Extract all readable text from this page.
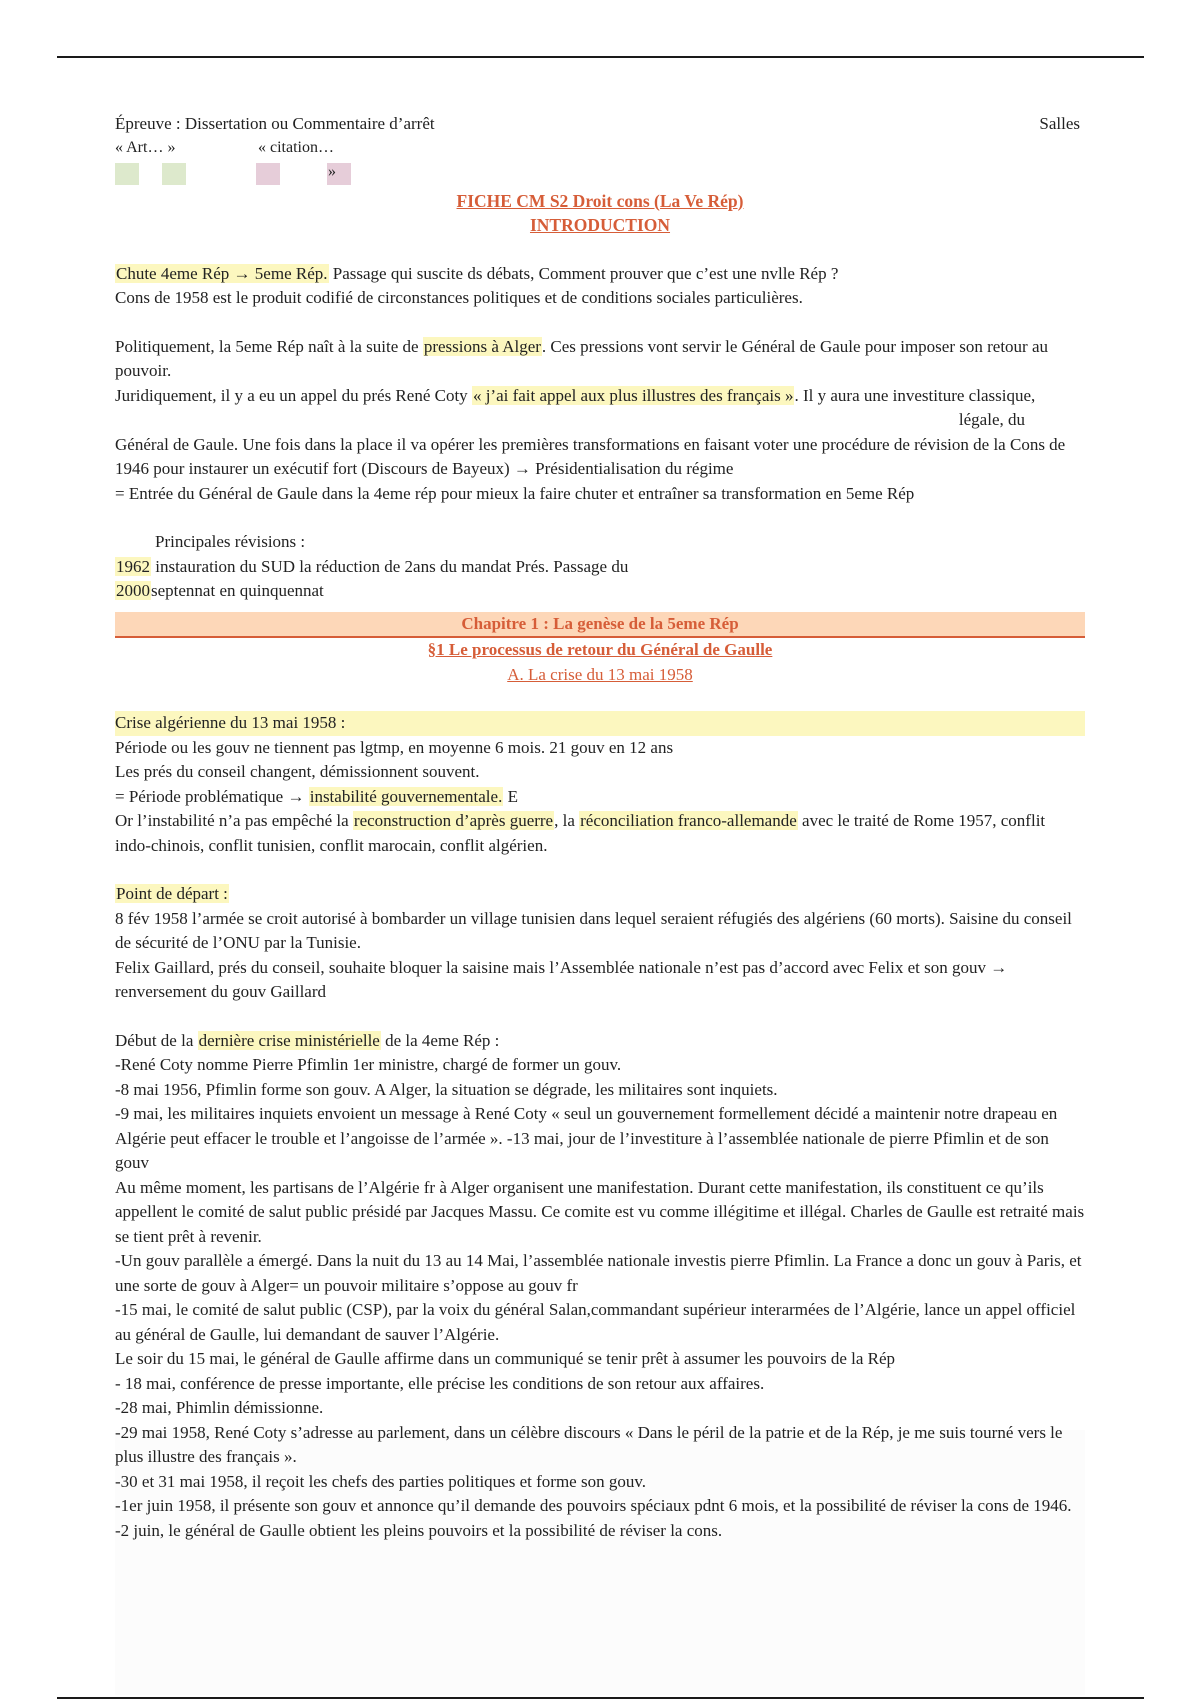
Épreuve : Dissertation ou Commentaire d’arrêt	Salles
« Art… »	« citation…
»
FICHE CM S2 Droit cons (La Ve Rép)
INTRODUCTION

Chute 4eme Rép → 5eme Rép. Passage qui suscite ds débats, Comment prouver que c’est une nvlle Rép ?

Cons de 1958 est le produit codifié de circonstances politiques et de conditions sociales particulières.

Politiquement, la 5eme Rép naît à la suite de pressions à Alger. Ces pressions vont servir le Général de Gaule pour imposer son retour au pouvoir.

Juridiquement, il y a eu un appel du prés René Coty « j’ai fait appel aux plus illustres des français ». Il y aura une investiture classique,

légale, du

Général de Gaule. Une fois dans la place il va opérer les premières transformations en faisant voter une procédure de révision de la Cons de 1946 pour instaurer un exécutif fort (Discours de Bayeux) → Présidentialisation du régime

= Entrée du Général de Gaule dans la 4eme rép pour mieux la faire chuter et entraîner sa transformation en 5eme Rép

Principales révisions :

1962 instauration du SUD la réduction de 2ans du mandat Prés. Passage du

2000septennat en quinquennat

Chapitre 1 : La genèse de la 5eme Rép
§1 Le processus de retour du Général de Gaulle
A. La crise du 13 mai 1958

Crise algérienne du 13 mai 1958 :

Période ou les gouv ne tiennent pas lgtmp, en moyenne 6 mois. 21 gouv en 12 ans

Les prés du conseil changent, démissionnent souvent.

= Période problématique → instabilité gouvernementale. E

Or l’instabilité n’a pas empêché la reconstruction d’après guerre, la réconciliation franco-allemande avec le traité de Rome 1957, conflit indo-chinois, conflit tunisien, conflit marocain, conflit algérien.

Point de départ :

8 fév 1958 l’armée se croit autorisé à bombarder un village tunisien dans lequel seraient réfugiés des algériens (60 morts). Saisine du conseil de sécurité de l’ONU par la Tunisie.

Felix Gaillard, prés du conseil, souhaite bloquer la saisine mais l’Assemblée nationale n’est pas d’accord avec Felix et son gouv → renversement du gouv Gaillard

Début de la dernière crise ministérielle de la 4eme Rép :

-René Coty nomme Pierre Pfimlin 1er ministre, chargé de former un gouv.

-8 mai 1956, Pfimlin forme son gouv. A Alger, la situation se dégrade, les militaires sont inquiets.

-9 mai, les militaires inquiets envoient un message à René Coty « seul un gouvernement formellement décidé a maintenir notre drapeau en Algérie peut effacer le trouble et l’angoisse de l’armée ». -13 mai, jour de l’investiture à l’assemblée nationale de pierre Pfimlin et de son gouv

Au même moment, les partisans de l’Algérie fr à Alger organisent une manifestation. Durant cette manifestation, ils constituent ce qu’ils appellent le comité de salut public présidé par Jacques Massu. Ce comite est vu comme illégitime et illégal. Charles de Gaulle est retraité mais se tient prêt à revenir.

-Un gouv parallèle a émergé. Dans la nuit du 13 au 14 Mai, l’assemblée nationale investis pierre Pfimlin. La France a donc un gouv à Paris, et une sorte de gouv à Alger= un pouvoir militaire s’oppose au gouv fr

-15 mai, le comité de salut public (CSP), par la voix du général Salan,commandant supérieur interarmées de l’Algérie, lance un appel officiel au général de Gaulle, lui demandant de sauver l’Algérie.

Le soir du 15 mai, le général de Gaulle affirme dans un communiqué se tenir prêt à assumer les pouvoirs de la Rép

- 18 mai, conférence de presse importante, elle précise les conditions de son retour aux affaires.

-28 mai, Phimlin démissionne.

-29 mai 1958, René Coty s’adresse au parlement, dans un célèbre discours « Dans le péril de la patrie et de la Rép, je me suis tourné vers le plus illustre des français ».

-30 et 31 mai 1958, il reçoit les chefs des parties politiques et forme son gouv.

-1er juin 1958, il présente son gouv et annonce qu’il demande des pouvoirs spéciaux pdnt 6 mois, et la possibilité de réviser la cons de 1946.

-2 juin, le général de Gaulle obtient les pleins pouvoirs et la possibilité de réviser la cons.
